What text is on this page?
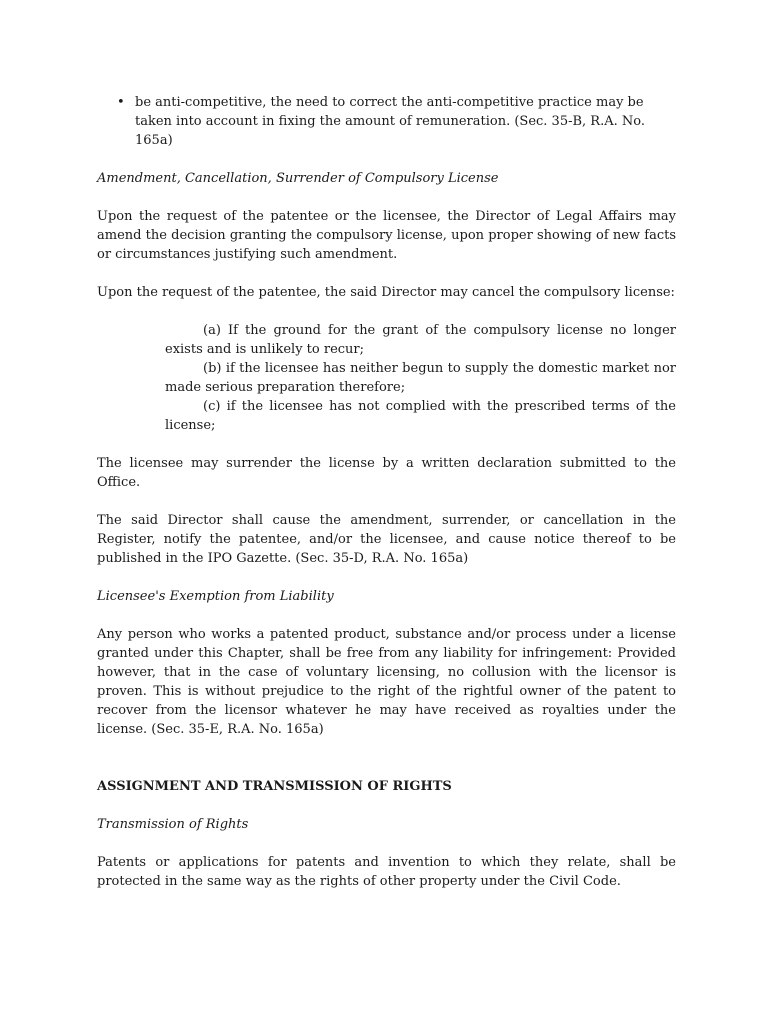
• be anti-competitive, the need to correct the anti-competitive practice may be taken into account in fixing the amount of remuneration. (Sec. 35-B, R.A. No. 165a)

Amendment, Cancellation, Surrender of Compulsory License

Upon the request of the patentee or the licensee, the Director of Legal Affairs may amend the decision granting the compulsory license, upon proper showing of new facts or circumstances justifying such amendment.

Upon the request of the patentee, the said Director may cancel the compulsory license:

(a) If the ground for the grant of the compulsory license no longer exists and is unlikely to recur;

(b) if the licensee has neither begun to supply the domestic market nor made serious preparation therefore;

(c) if the licensee has not complied with the prescribed terms of the license;

The licensee may surrender the license by a written declaration submitted to the Office.

The said Director shall cause the amendment, surrender, or cancellation in the Register, notify the patentee, and/or the licensee, and cause notice thereof to be published in the IPO Gazette. (Sec. 35-D, R.A. No. 165a)

Licensee's Exemption from Liability

Any person who works a patented product, substance and/or process under a license granted under this Chapter, shall be free from any liability for infringement: Provided however, that in the case of voluntary licensing, no collusion with the licensor is proven. This is without prejudice to the right of the rightful owner of the patent to recover from the licensor whatever he may have received as royalties under the license. (Sec. 35-E, R.A. No. 165a)

ASSIGNMENT AND TRANSMISSION OF RIGHTS

Transmission of Rights

Patents or applications for patents and invention to which they relate, shall be protected in the same way as the rights of other property under the Civil Code.
